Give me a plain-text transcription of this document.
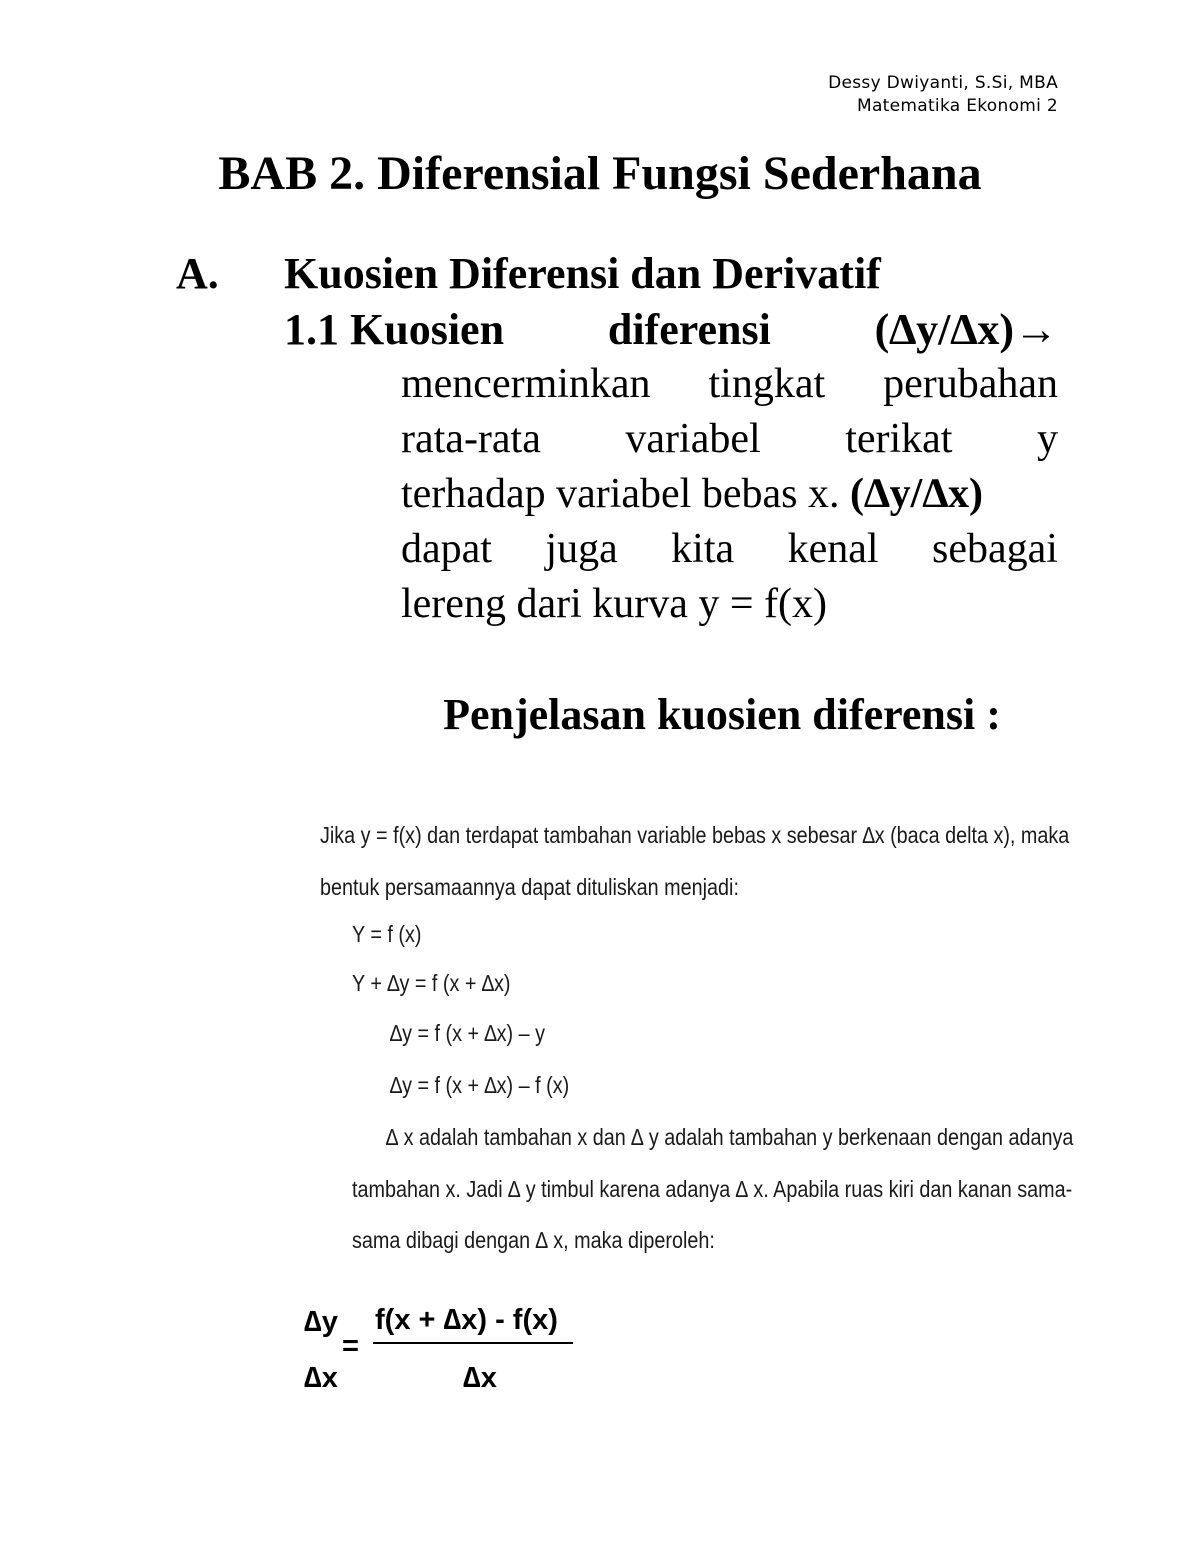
Dessy Dwiyanti, S.Si, MBA
Matematika Ekonomi 2
BAB 2. Diferensial Fungsi Sederhana
A. Kuosien Diferensi dan Derivatif
1.1 Kuosien diferensi (∆y/∆x)→
mencerminkan tingkat perubahan
rata-rata variabel terikat y
terhadap variabel bebas x. (∆y/∆x)
dapat juga kita kenal sebagai
lereng dari kurva y = f(x)
Penjelasan kuosien diferensi :
Jika y = f(x) dan terdapat tambahan variable bebas x sebesar ∆x (baca delta x), maka
bentuk persamaannya dapat dituliskan menjadi:
Y = f (x)
Y + ∆y = f (x + ∆x)
∆y = f (x + ∆x) – y
∆y = f (x + ∆x) – f (x)
∆ x adalah tambahan x dan ∆ y adalah tambahan y berkenaan dengan adanya
tambahan x. Jadi ∆ y timbul karena adanya ∆ x. Apabila ruas kiri dan kanan sama-
sama dibagi dengan ∆ x, maka diperoleh:
∆y
∆x
=
f(x + ∆x) - f(x)
∆x
